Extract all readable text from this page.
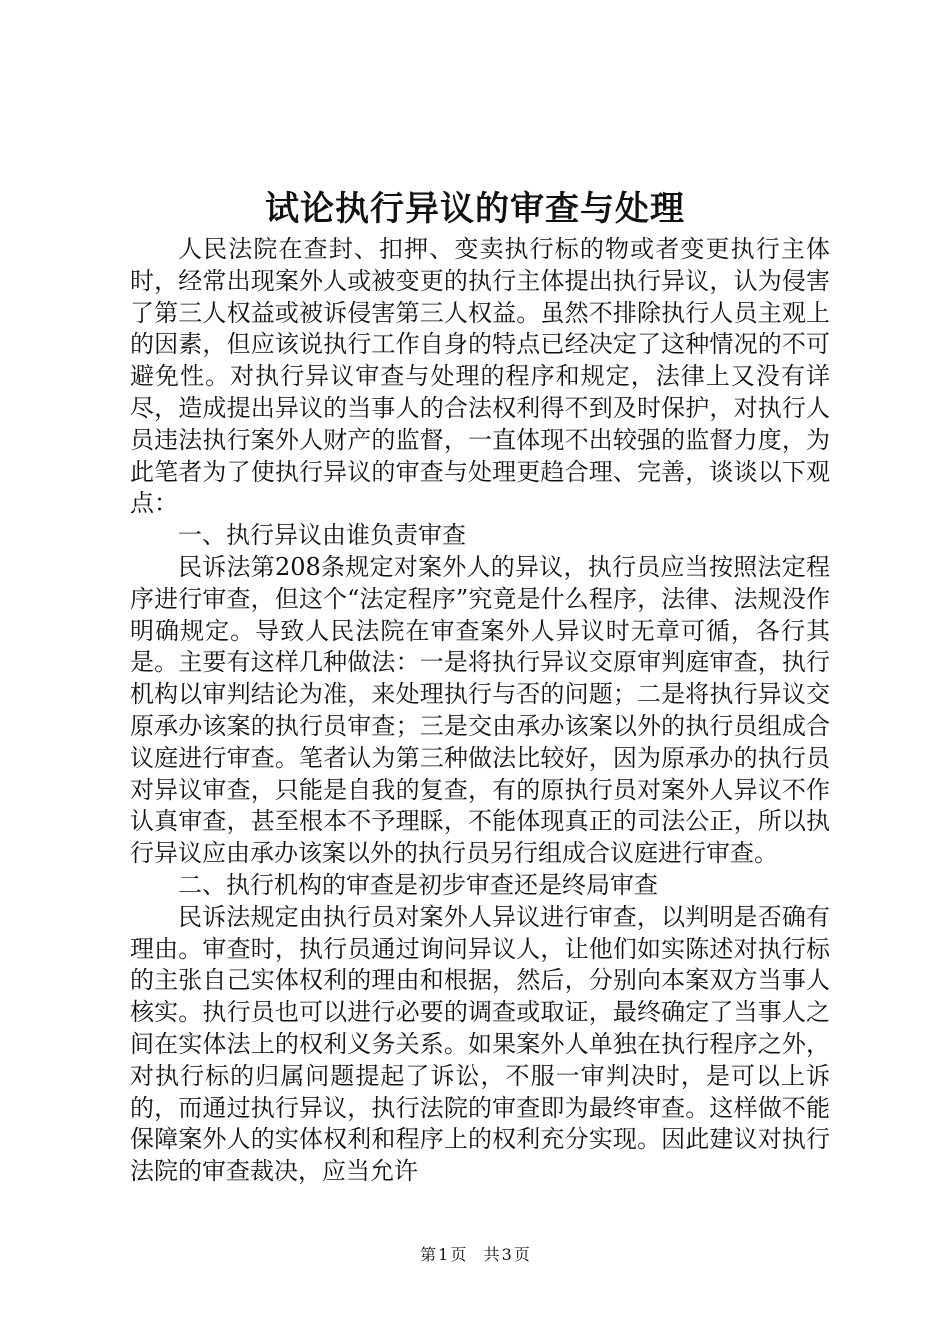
试论执行异议的审查与处理

人民法院在查封、扣押、变卖执行标的物或者变更执行主体时，经常出现案外人或被变更的执行主体提出执行异议，认为侵害了第三人权益或被诉侵害第三人权益。虽然不排除执行人员主观上的因素，但应该说执行工作自身的特点已经决定了这种情况的不可避免性。对执行异议审查与处理的程序和规定，法律上又没有详尽，造成提出异议的当事人的合法权利得不到及时保护，对执行人员违法执行案外人财产的监督，一直体现不出较强的监督力度，为此笔者为了使执行异议的审查与处理更趋合理、完善，谈谈以下观点：

一、执行异议由谁负责审查

民诉法第208条规定对案外人的异议，执行员应当按照法定程序进行审查，但这个“法定程序”究竟是什么程序，法律、法规没作明确规定。导致人民法院在审查案外人异议时无章可循，各行其是。主要有这样几种做法：一是将执行异议交原审判庭审查，执行机构以审判结论为准，来处理执行与否的问题；二是将执行异议交原承办该案的执行员审查；三是交由承办该案以外的执行员组成合议庭进行审查。笔者认为第三种做法比较好，因为原承办的执行员对异议审查，只能是自我的复查，有的原执行员对案外人异议不作认真审查，甚至根本不予理睬，不能体现真正的司法公正，所以执行异议应由承办该案以外的执行员另行组成合议庭进行审查。

二、执行机构的审查是初步审查还是终局审查

民诉法规定由执行员对案外人异议进行审查，以判明是否确有理由。审查时，执行员通过询问异议人，让他们如实陈述对执行标的主张自己实体权利的理由和根据，然后，分别向本案双方当事人核实。执行员也可以进行必要的调查或取证，最终确定了当事人之间在实体法上的权利义务关系。如果案外人单独在执行程序之外，对执行标的归属问题提起了诉讼，不服一审判决时，是可以上诉的，而通过执行异议，执行法院的审查即为最终审查。这样做不能保障案外人的实体权利和程序上的权利充分实现。因此建议对执行法院的审查裁决，应当允许

第 1 页 共 3 页
